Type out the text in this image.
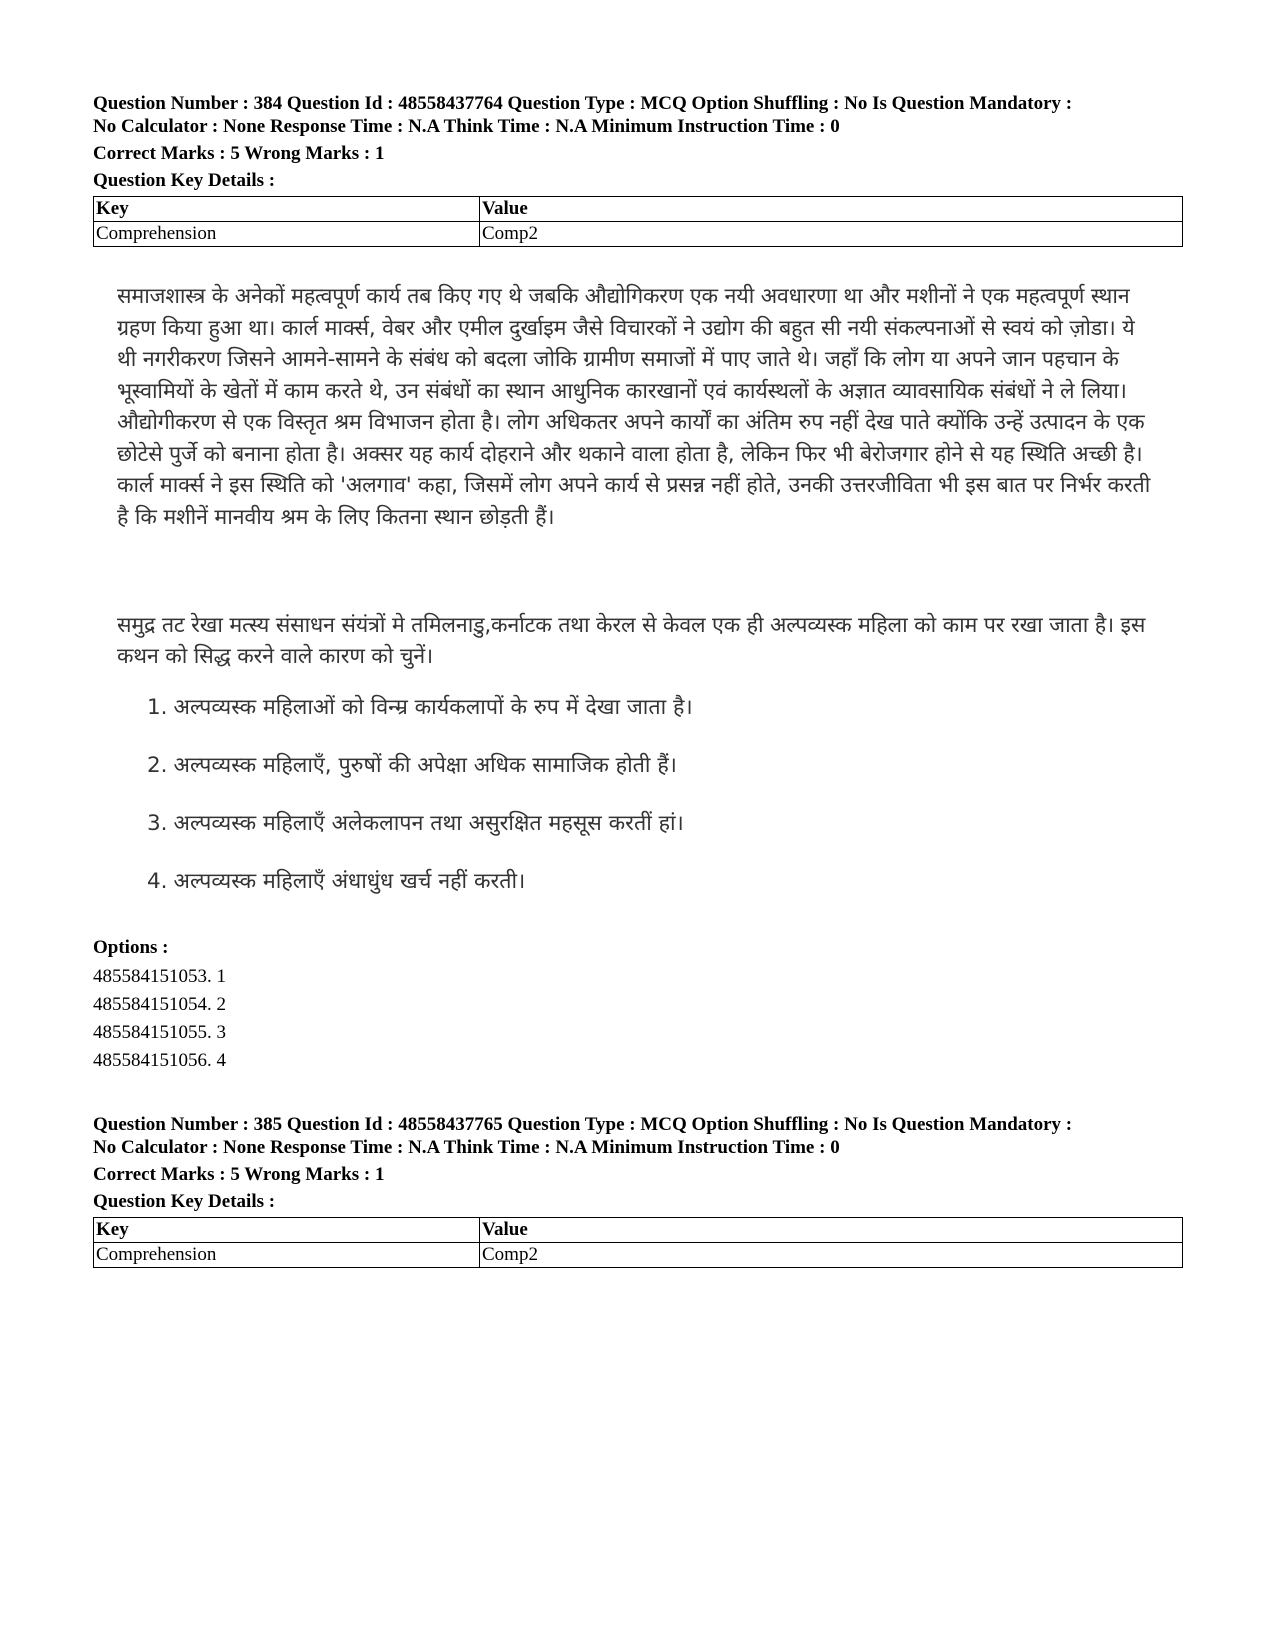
Question Number : 384 Question Id : 48558437764 Question Type : MCQ Option Shuffling : No Is Question Mandatory :
No Calculator : None Response Time : N.A Think Time : N.A Minimum Instruction Time : 0
Correct Marks : 5 Wrong Marks : 1
Question Key Details :
Key	Value
Comprehension	Comp2
समाजशास्त्र के अनेकों महत्वपूर्ण कार्य तब किए गए थे जबकि औद्योगिकरण एक नयी अवधारणा था और मशीनों ने एक महत्वपूर्ण स्थान ग्रहण किया हुआ था। कार्ल मार्क्स, वेबर और एमील दुर्खाइम जैसे विचारकों ने उद्योग की बहुत सी नयी संकल्पनाओं से स्वयं को ज़ोडा। ये थी नगरीकरण जिसने आमने-सामने के संबंध को बदला जोकि ग्रामीण समाजों में पाए जाते थे। जहाँ कि लोग या अपने जान पहचान के भूस्वामियों के खेतों में काम करते थे, उन संबंधों का स्थान आधुनिक कारखानों एवं कार्यस्थलों के अज्ञात व्यावसायिक संबंधों ने ले लिया। औद्योगीकरण से एक विस्तृत श्रम विभाजन होता है। लोग अधिकतर अपने कार्यों का अंतिम रुप नहीं देख पाते क्योंकि उन्हें उत्पादन के एक छोटेसे पुर्जे को बनाना होता है। अक्सर यह कार्य दोहराने और थकाने वाला होता है, लेकिन फिर भी बेरोजगार होने से यह स्थिति अच्छी है। कार्ल मार्क्स ने इस स्थिति को 'अलगाव' कहा, जिसमें लोग अपने कार्य से प्रसन्न नहीं होते, उनकी उत्तरजीविता भी इस बात पर निर्भर करती है कि मशीनें मानवीय श्रम के लिए कितना स्थान छोड़ती हैं।
समुद्र तट रेखा मत्स्य संसाधन संयंत्रों मे तमिलनाडु,कर्नाटक तथा केरल से केवल एक ही अल्पव्यस्क महिला को काम पर रखा जाता है। इस कथन को सिद्ध करने वाले कारण को चुनें।
1. अल्पव्यस्क महिलाओं को विन्म्र कार्यकलापों के रुप में देखा जाता है।
2. अल्पव्यस्क महिलाएँ, पुरुषों की अपेक्षा अधिक सामाजिक होती हैं।
3. अल्पव्यस्क महिलाएँ अलेकलापन तथा असुरक्षित महसूस करतीं हां।
4. अल्पव्यस्क महिलाएँ अंधाधुंध खर्च नहीं करती।
Options :
485584151053. 1
485584151054. 2
485584151055. 3
485584151056. 4
Question Number : 385 Question Id : 48558437765 Question Type : MCQ Option Shuffling : No Is Question Mandatory :
No Calculator : None Response Time : N.A Think Time : N.A Minimum Instruction Time : 0
Correct Marks : 5 Wrong Marks : 1
Question Key Details :
Key	Value
Comprehension	Comp2
